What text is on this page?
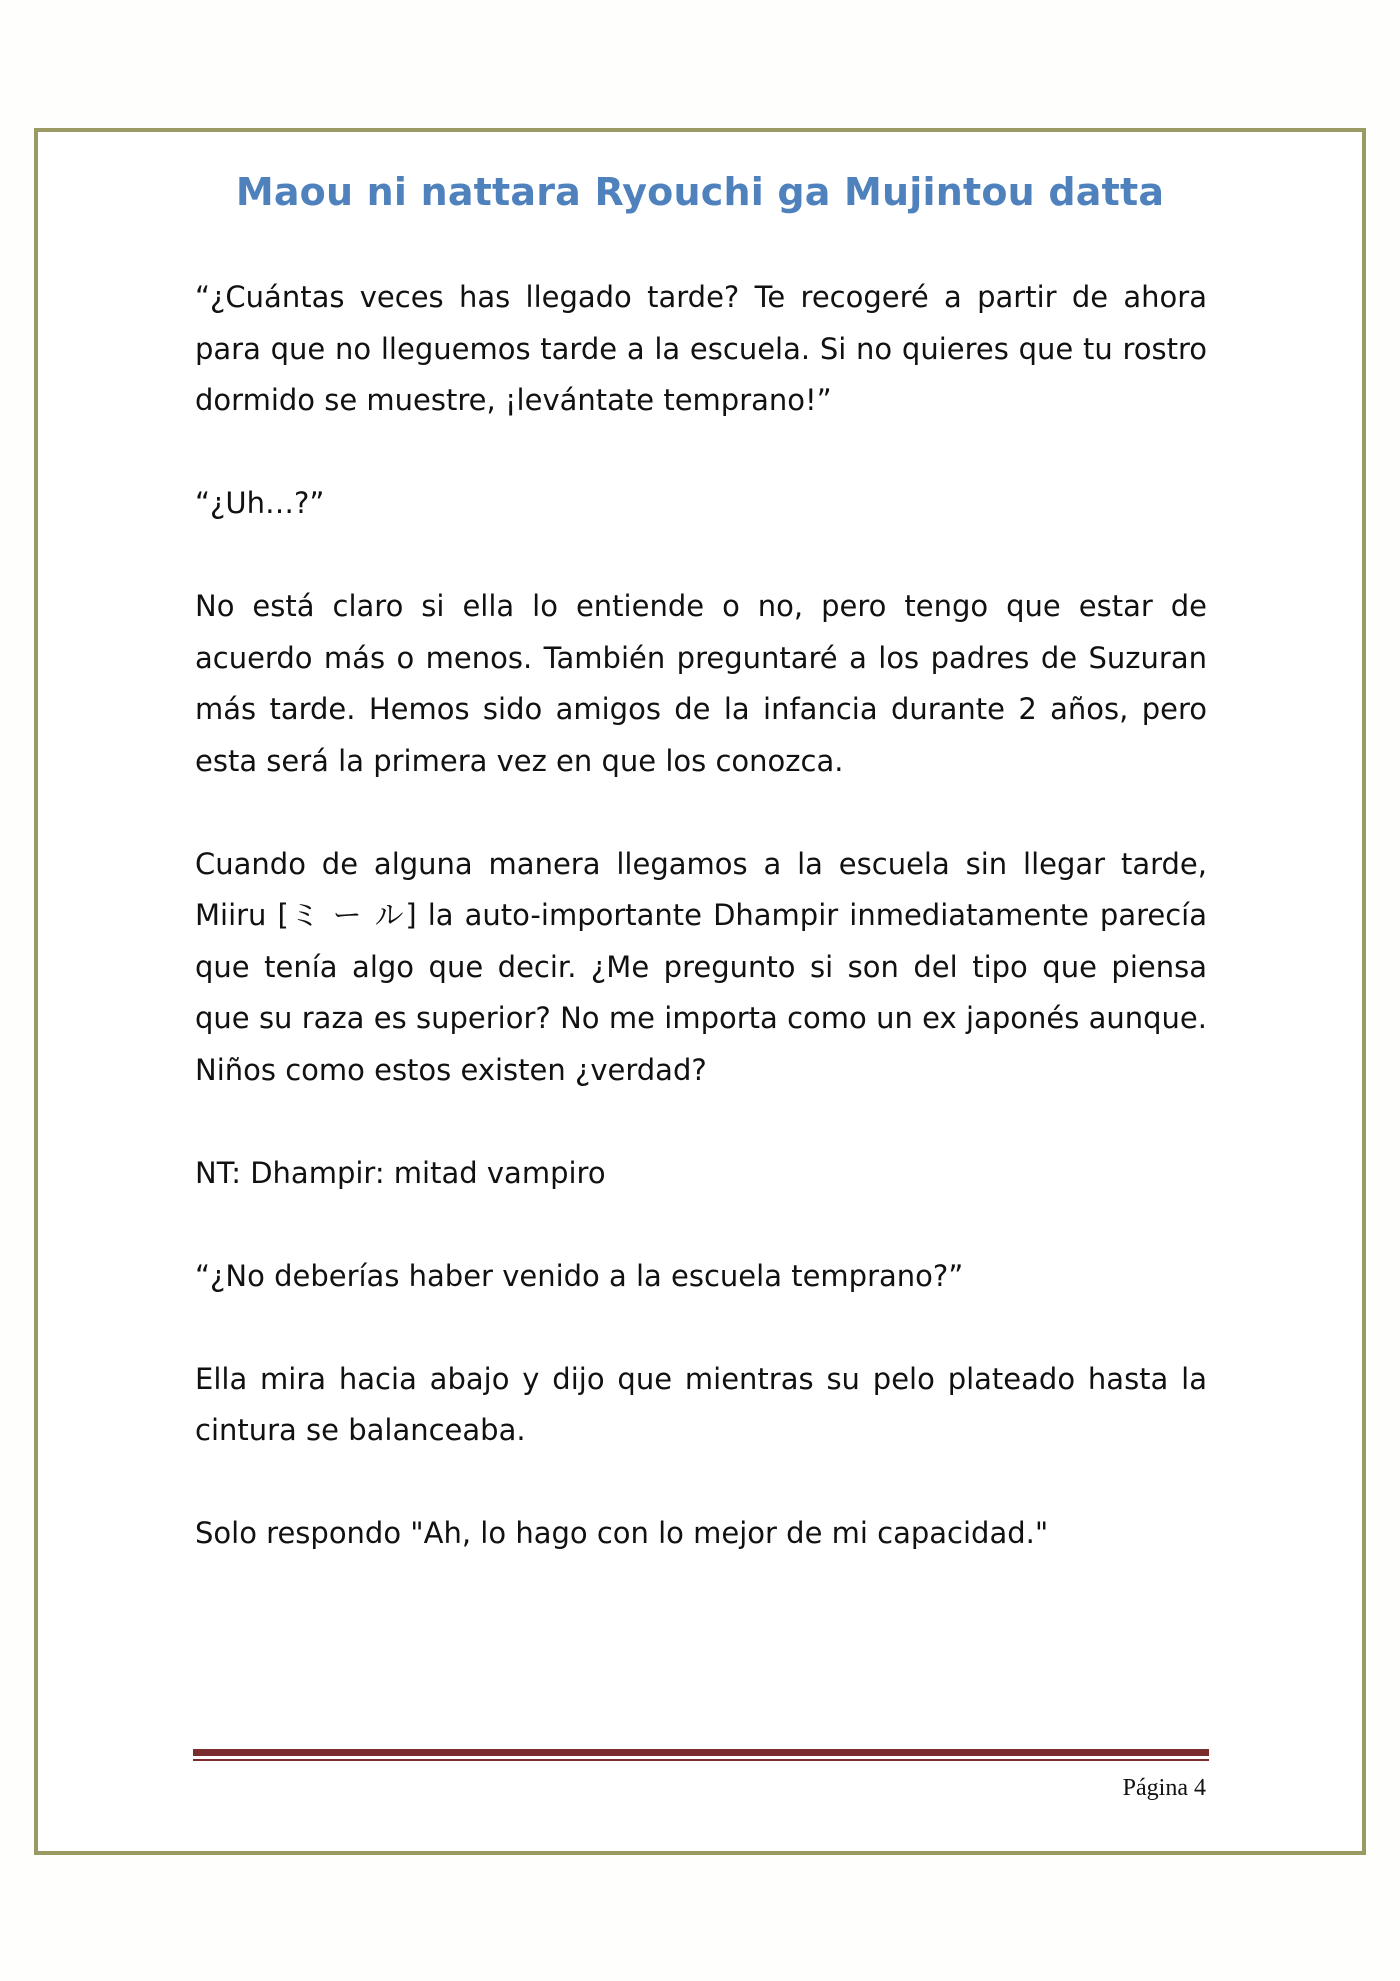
Maou ni nattara Ryouchi ga Mujintou datta

“¿Cuántas veces has llegado tarde? Te recogeré a partir de ahora para que no lleguemos tarde a la escuela. Si no quieres que tu rostro dormido se muestre, ¡levántate temprano!”

“¿Uh…?”

No está claro si ella lo entiende o no, pero tengo que estar de acuerdo más o menos. También preguntaré a los padres de Suzuran más tarde. Hemos sido amigos de la infancia durante 2 años, pero esta será la primera vez en que los conozca.

Cuando de alguna manera llegamos a la escuela sin llegar tarde, Miiru [ミ ー ル] la auto-importante Dhampir inmediatamente parecía que tenía algo que decir. ¿Me pregunto si son del tipo que piensa que su raza es superior? No me importa como un ex japonés aunque. Niños como estos existen ¿verdad?

NT: Dhampir: mitad vampiro

“¿No deberías haber venido a la escuela temprano?”

Ella mira hacia abajo y dijo que mientras su pelo plateado hasta la cintura se balanceaba.

Solo respondo "Ah, lo hago con lo mejor de mi capacidad."

Página 4
